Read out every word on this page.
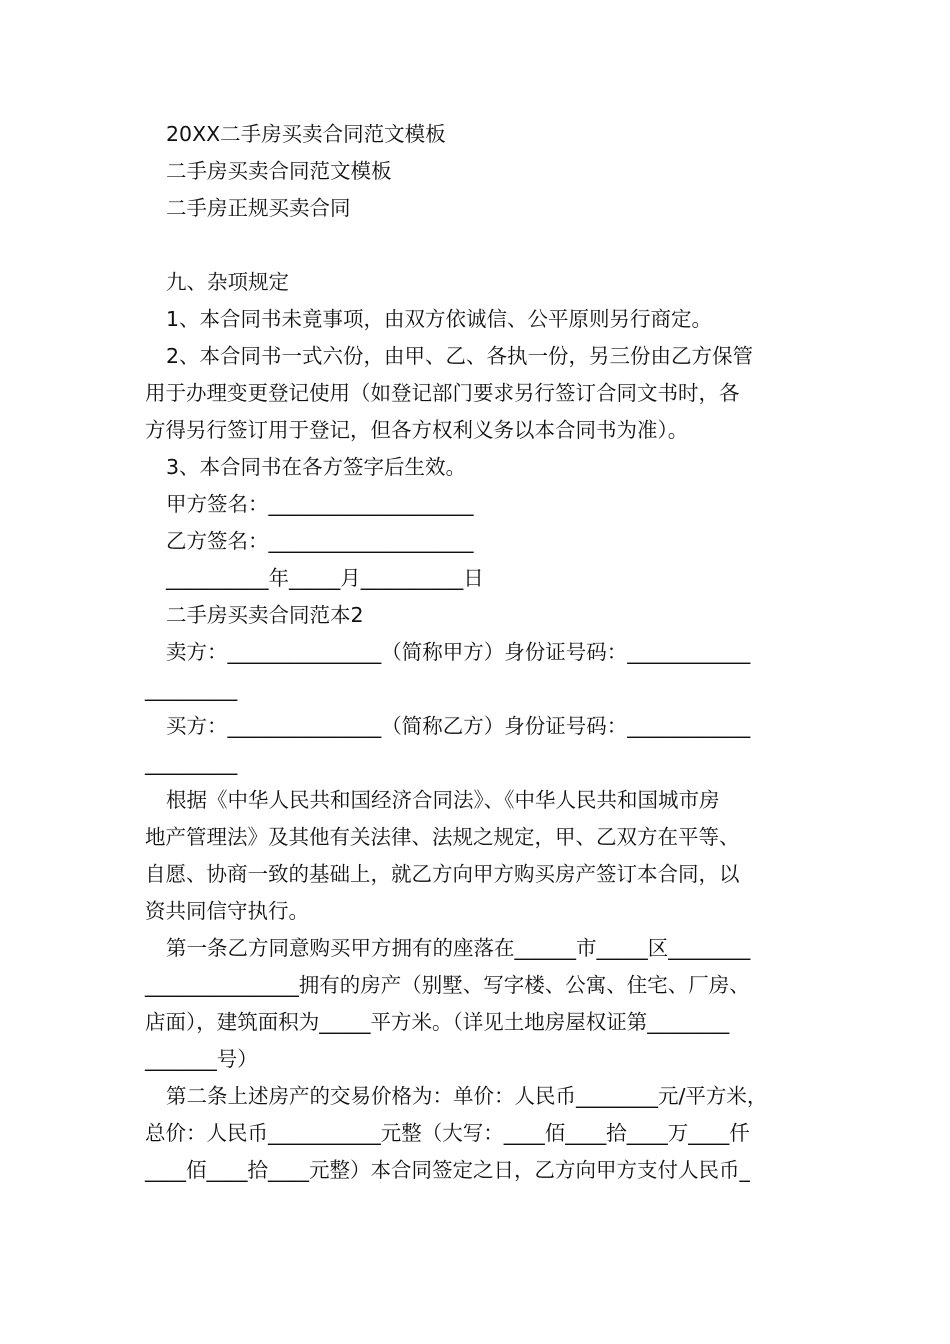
20XX二手房买卖合同范文模板
二手房买卖合同范文模板
二手房正规买卖合同
九、杂项规定
1、本合同书未竟事项，由双方依诚信、公平原则另行商定。
2、本合同书一式六份，由甲、乙、各执一份，另三份由乙方保管
用于办理变更登记使用（如登记部门要求另行签订合同文书时，各
方得另行签订用于登记，但各方权利义务以本合同书为准）。
3、本合同书在各方签字后生效。
甲方签名：____________________
乙方签名：____________________
__________年_____月__________日
二手房买卖合同范本2
卖方：_______________（简称甲方）身份证号码：____________
_________
买方：_______________（简称乙方）身份证号码：____________
_________
根据《中华人民共和国经济合同法》、《中华人民共和国城市房
地产管理法》及其他有关法律、法规之规定，甲、乙双方在平等、
自愿、协商一致的基础上，就乙方向甲方购买房产签订本合同，以
资共同信守执行。
第一条乙方同意购买甲方拥有的座落在______市_____区________
_______________拥有的房产（别墅、写字楼、公寓、住宅、厂房、
店面），建筑面积为_____平方米。（详见土地房屋权证第________
_______号）
第二条上述房产的交易价格为：单价：人民币________元/平方米，
总价：人民币___________元整（大写：____佰____拾____万____仟
____佰____拾____元整）本合同签定之日，乙方向甲方支付人民币_
